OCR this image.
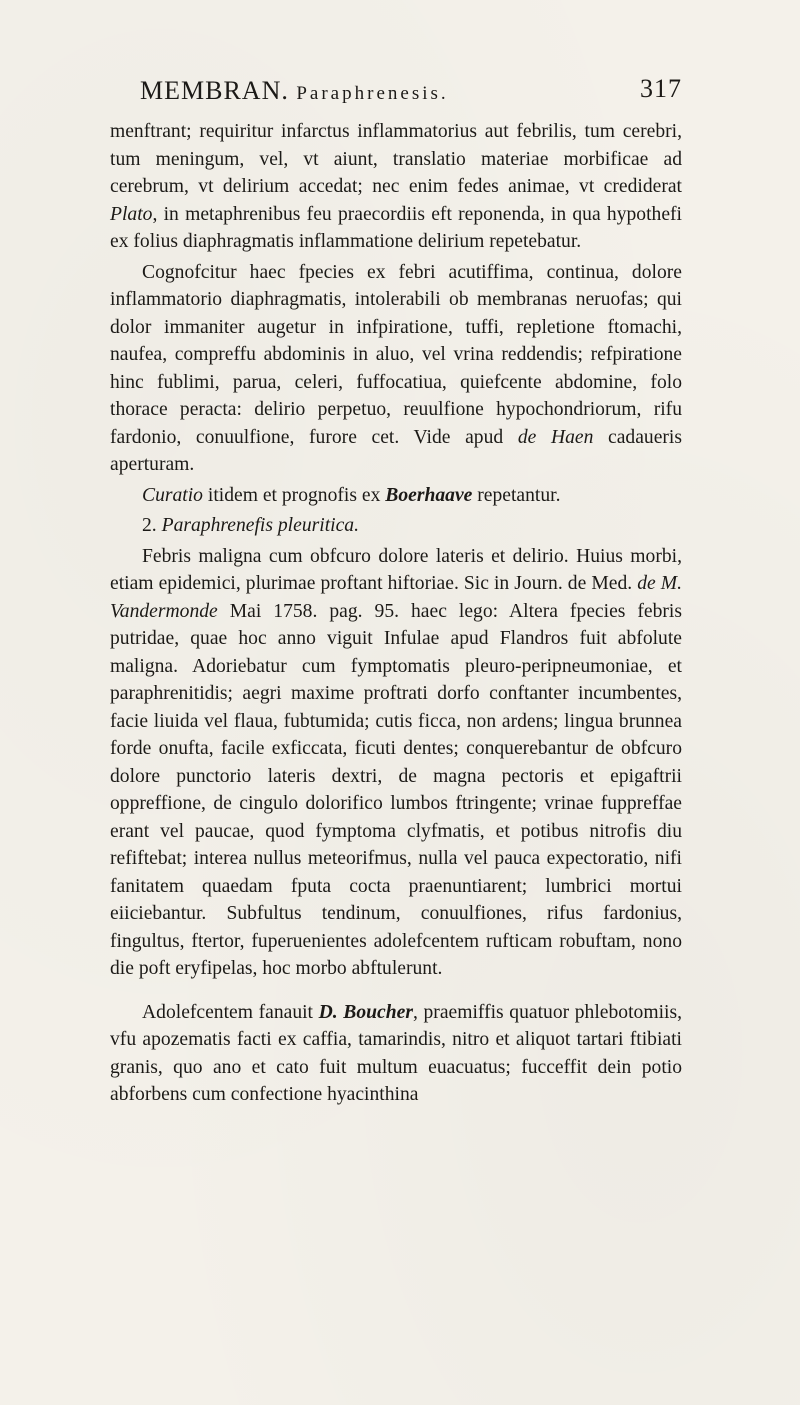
MEMBRAN. Paraphrenesis.	317

menftrant; requiritur infarctus inflammatorius aut febrilis, tum cerebri, tum meningum, vel, vt aiunt, translatio materiae morbificae ad cerebrum, vt delirium accedat; nec enim fedes animae, vt crediderat Plato, in metaphrenibus feu praecordiis eft reponenda, in qua hypothefi ex folius diaphragmatis inflammatione delirium repetebatur.

Cognofcitur haec fpecies ex febri acutiffima, continua, dolore inflammatorio diaphragmatis, intolerabili ob membranas neruofas; qui dolor immaniter augetur in infpiratione, tuffi, repletione ftomachi, naufea, compreffu abdominis in aluo, vel vrina reddendis; refpiratione hinc fublimi, parua, celeri, fuffocatiua, quiefcente abdomine, folo thorace peracta: delirio perpetuo, reuulfione hypochondriorum, rifu fardonio, conuulfione, furore cet. Vide apud de Haen cadaueris aperturam.

Curatio itidem et prognofis ex Boerhaave repetantur.

2. Paraphrenefis pleuritica.

Febris maligna cum obfcuro dolore lateris et delirio. Huius morbi, etiam epidemici, plurimae proftant hiftoriae. Sic in Journ. de Med. de M. Vandermonde Mai 1758. pag. 95. haec lego: Altera fpecies febris putridae, quae hoc anno viguit Infulae apud Flandros fuit abfolute maligna. Adoriebatur cum fymptomatis pleuro-peripneumoniae, et paraphrenitidis; aegri maxime proftrati dorfo conftanter incumbentes, facie liuida vel flaua, fubtumida; cutis ficca, non ardens; lingua brunnea forde onufta, facile exficcata, ficuti dentes; conquerebantur de obfcuro dolore punctorio lateris dextri, de magna pectoris et epigaftrii oppreffione, de cingulo dolorifico lumbos ftringente; vrinae fuppreffae erant vel paucae, quod fymptoma clyfmatis, et potibus nitrofis diu refiftebat; interea nullus meteorifmus, nulla vel pauca expectoratio, nifi fanitatem quaedam fputa cocta praenuntiarent; lumbrici mortui eiiciebantur. Subfultus tendinum, conuulfiones, rifus fardonius, fingultus, ftertor, fuperuenientes adolefcentem rufticam robuftam, nono die poft eryfipelas, hoc morbo abftulerunt.

Adolefcentem fanauit D. Boucher, praemiffis quatuor phlebotomiis, vfu apozematis facti ex caffia, tamarindis, nitro et aliquot tartari ftibiati granis, quo ano et cato fuit multum euacuatus; fucceffit dein potio abforbens cum confectione hyacinthina
